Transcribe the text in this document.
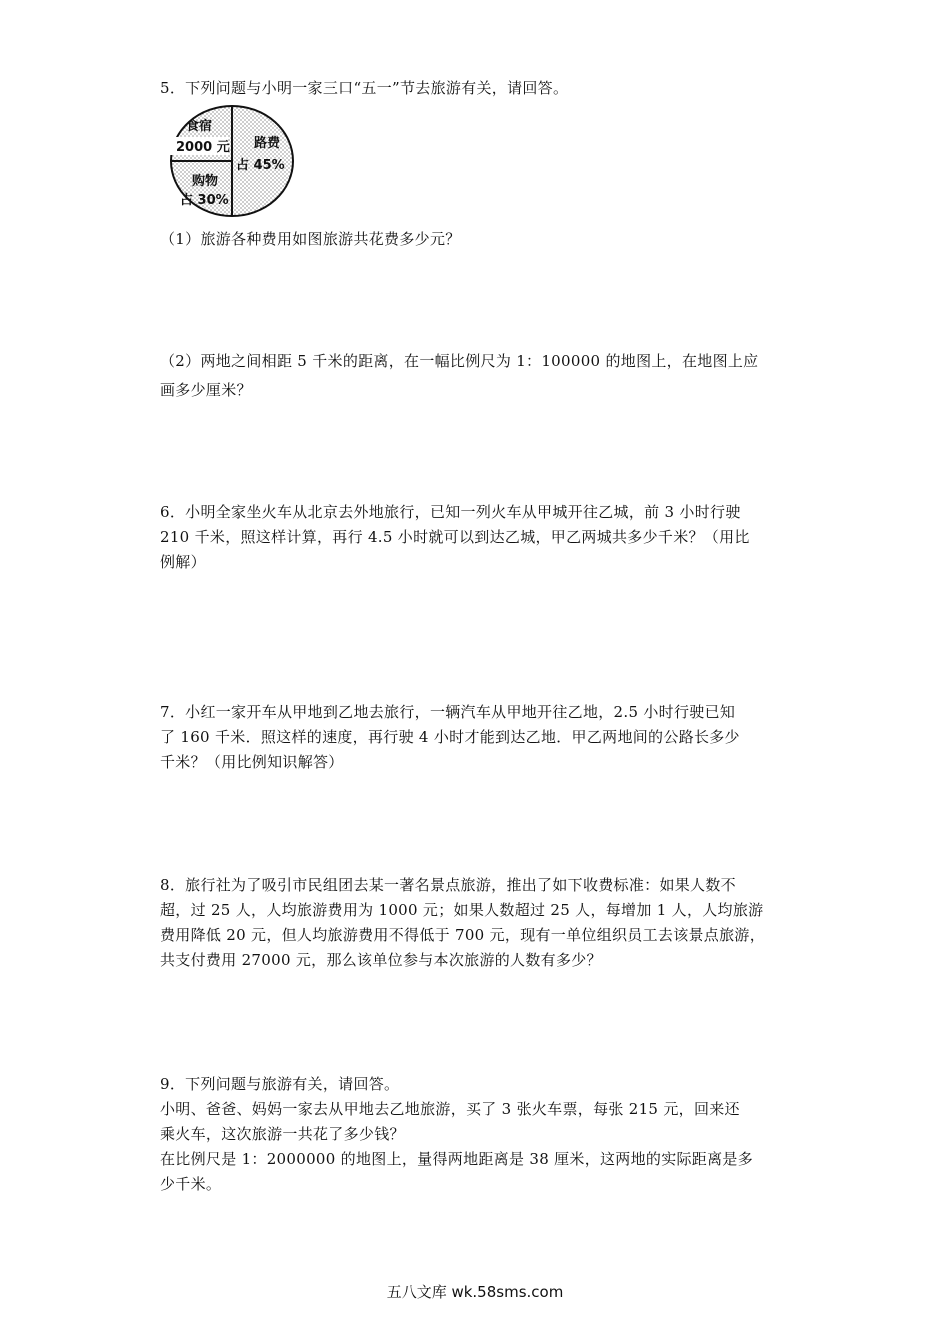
5．下列问题与小明一家三口“五一”节去旅游有关，请回答。

食宿
2000 元 路费
占 45%
购物
占 30%

（1）旅游各种费用如图旅游共花费多少元？

（2）两地之间相距 5 千米的距离，在一幅比例尺为 1：100000 的地图上，在地图上应

画多少厘米？

6．小明全家坐火车从北京去外地旅行，已知一列火车从甲城开往乙城，前 3 小时行驶

210 千米，照这样计算，再行 4.5 小时就可以到达乙城，甲乙两城共多少千米？（用比

例解）

7．小红一家开车从甲地到乙地去旅行，一辆汽车从甲地开往乙地，2.5 小时行驶已知

了 160 千米．照这样的速度，再行驶 4 小时才能到达乙地．甲乙两地间的公路长多少

千米？（用比例知识解答）

8．旅行社为了吸引市民组团去某一著名景点旅游，推出了如下收费标准：如果人数不

超，过 25 人，人均旅游费用为 1000 元；如果人数超过 25 人，每增加 1 人，人均旅游

费用降低 20 元，但人均旅游费用不得低于 700 元，现有一单位组织员工去该景点旅游，

共支付费用 27000 元，那么该单位参与本次旅游的人数有多少？

9．下列问题与旅游有关，请回答。

小明、爸爸、妈妈一家去从甲地去乙地旅游，买了 3 张火车票，每张 215 元，回来还

乘火车，这次旅游一共花了多少钱？

在比例尺是 1：2000000 的地图上，量得两地距离是 38 厘米，这两地的实际距离是多

少千米。

五八文库 wk.58sms.com
